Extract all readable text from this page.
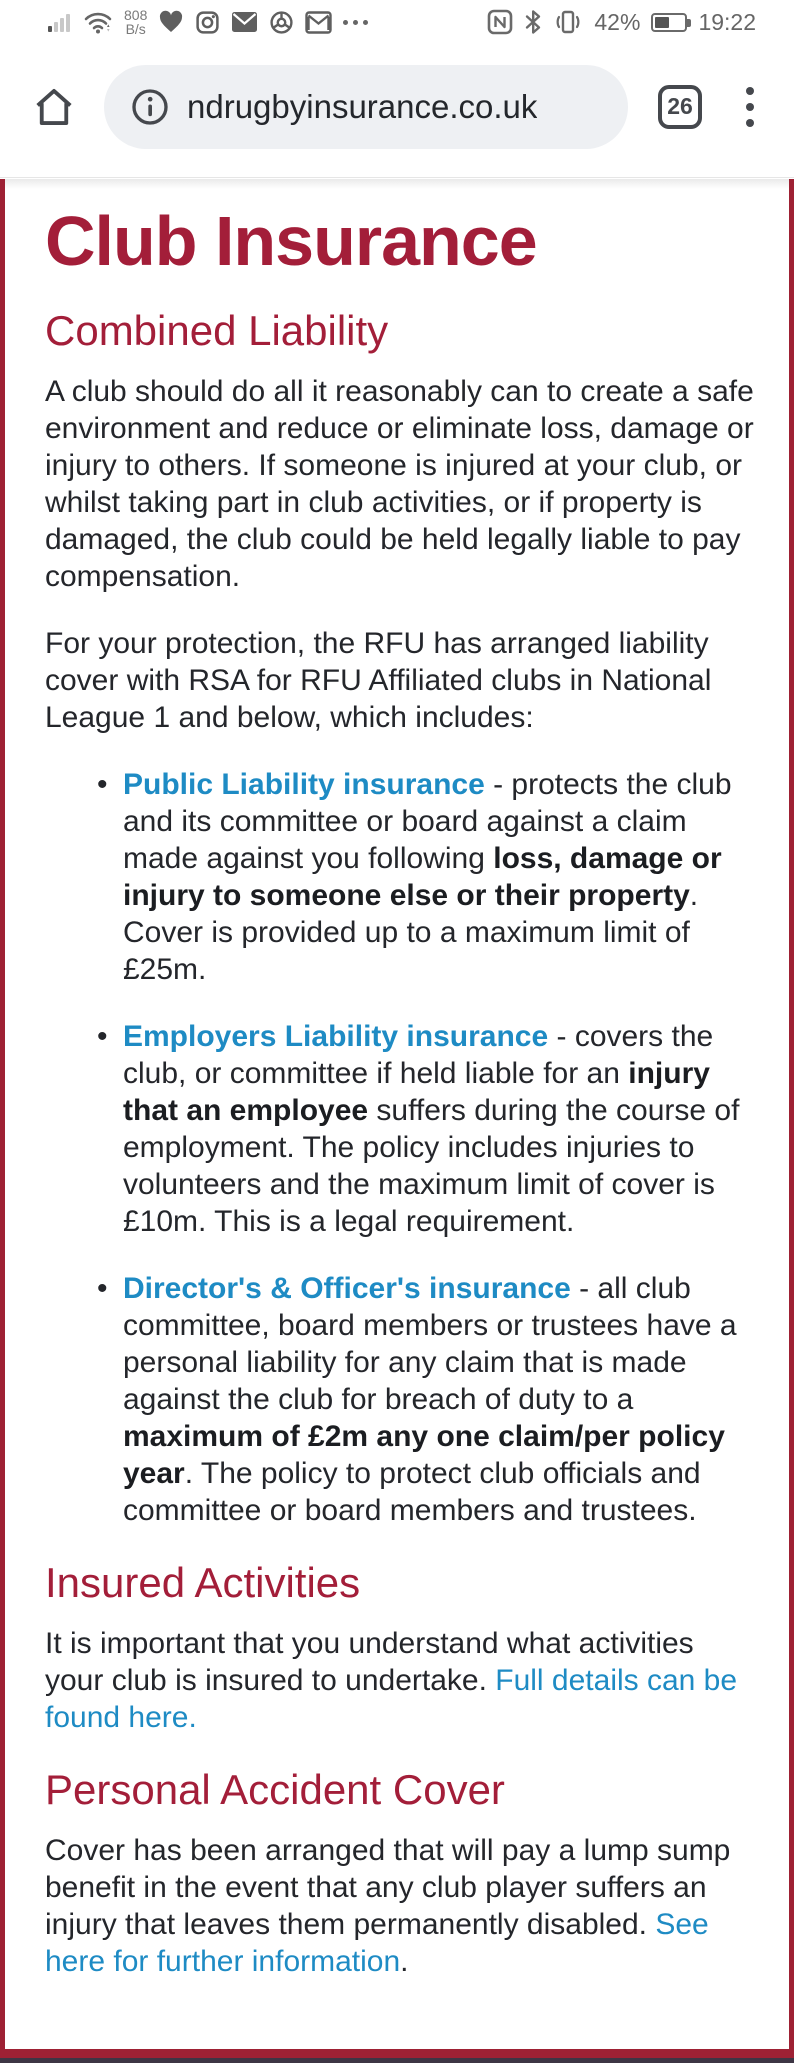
808
B/s	42%	19:22
ndrugbyinsurance.co.uk	26
Club Insurance
Combined Liability

A club should do all it reasonably can to create a safe environment and reduce or eliminate loss, damage or injury to others. If someone is injured at your club, or whilst taking part in club activities, or if property is damaged, the club could be held legally liable to pay compensation.

For your protection, the RFU has arranged liability cover with RSA for RFU Affiliated clubs in National League 1 and below, which includes:

• Public Liability insurance - protects the club and its committee or board against a claim made against you following loss, damage or injury to someone else or their property. Cover is provided up to a maximum limit of £25m.
• Employers Liability insurance - covers the club, or committee if held liable for an injury that an employee suffers during the course of employment. The policy includes injuries to volunteers and the maximum limit of cover is £10m. This is a legal requirement.
• Director's & Officer's insurance - all club committee, board members or trustees have a personal liability for any claim that is made against the club for breach of duty to a maximum of £2m any one claim/per policy year. The policy to protect club officials and committee or board members and trustees.
Insured Activities

It is important that you understand what activities your club is insured to undertake. Full details can be found here.

Personal Accident Cover

Cover has been arranged that will pay a lump sump benefit in the event that any club player suffers an injury that leaves them permanently disabled. See here for further information.
